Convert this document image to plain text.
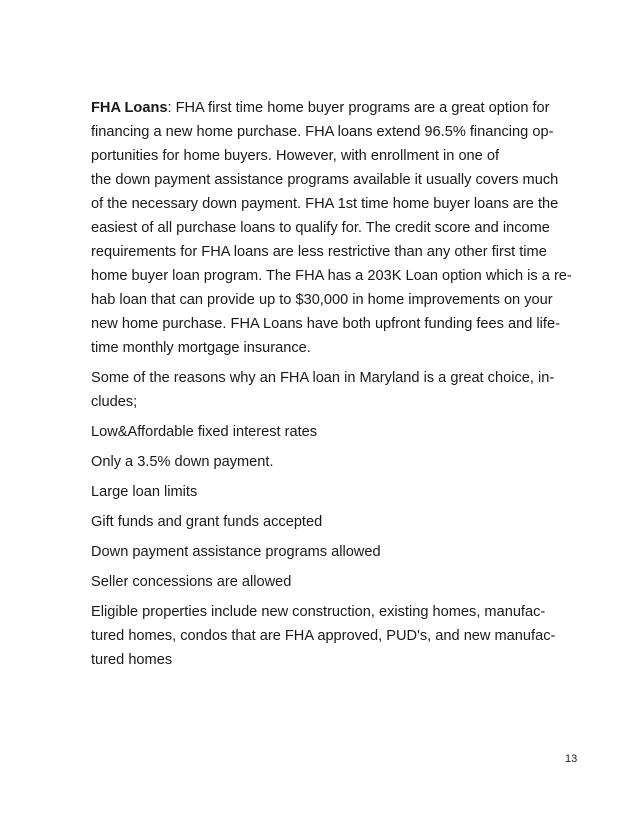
FHA Loans: FHA first time home buyer programs are a great option for
financing a new home purchase. FHA loans extend 96.5% financing op-
portunities for home buyers. However, with enrollment in one of
the down payment assistance programs available it usually covers much
of the necessary down payment. FHA 1st time home buyer loans are the
easiest of all purchase loans to qualify for. The credit score and income
requirements for FHA loans are less restrictive than any other first time
home buyer loan program. The FHA has a 203K Loan option which is a re-
hab loan that can provide up to $30,000 in home improvements on your
new home purchase. FHA Loans have both upfront funding fees and life-
time monthly mortgage insurance.

Some of the reasons why an FHA loan in Maryland is a great choice, in-
cludes;

Low&Affordable fixed interest rates

Only a 3.5% down payment.

Large loan limits

Gift funds and grant funds accepted

Down payment assistance programs allowed

Seller concessions are allowed

Eligible properties include new construction, existing homes, manufac-
tured homes, condos that are FHA approved, PUD's, and new manufac-
tured homes

13
